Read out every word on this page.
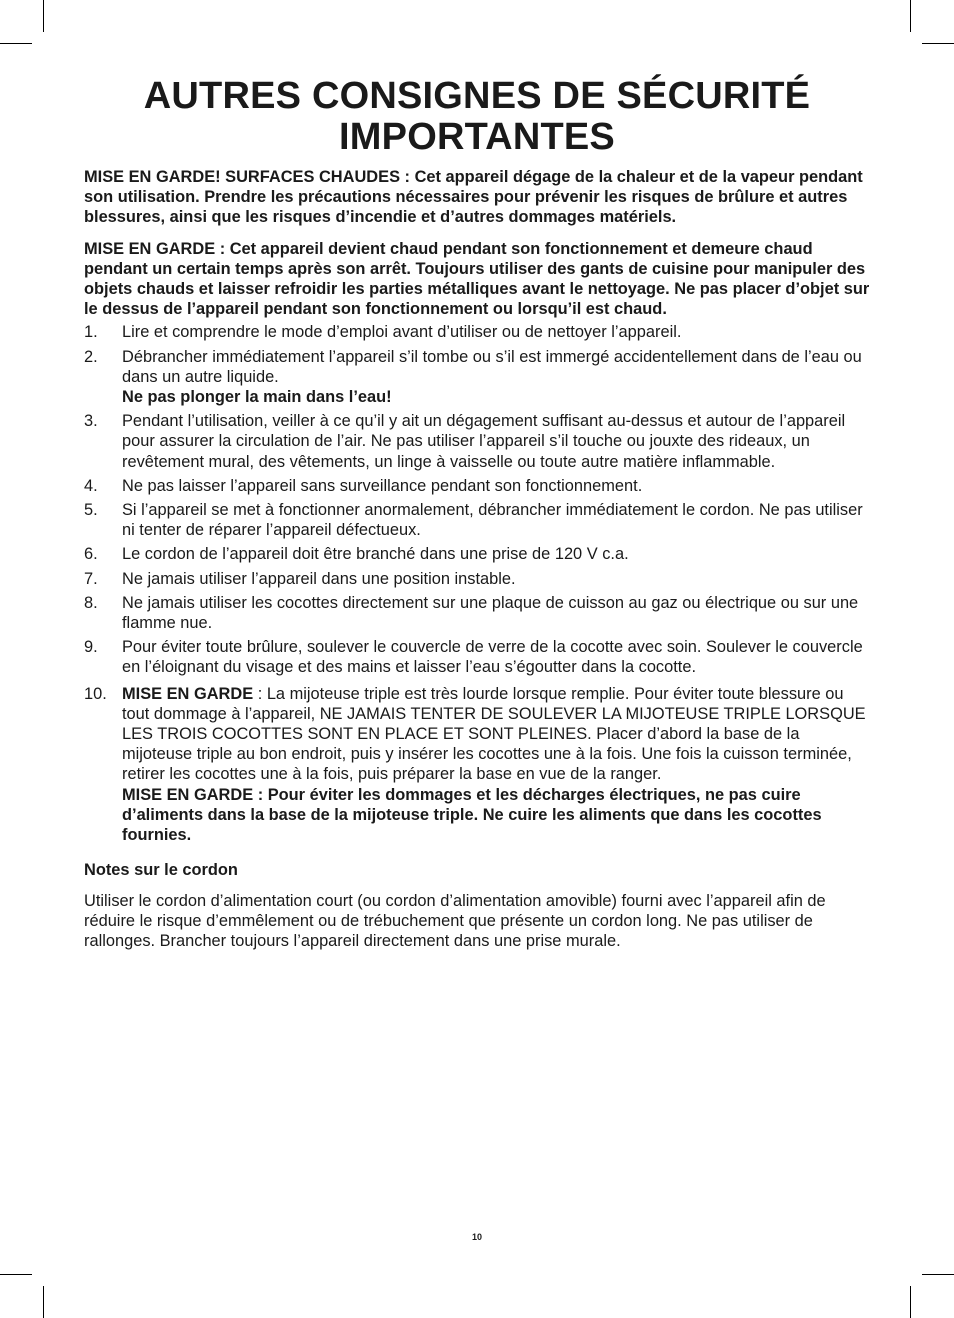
AUTRES CONSIGNES DE SÉCURITÉ
IMPORTANTES

MISE EN GARDE! SURFACES CHAUDES : Cet appareil dégage de la chaleur et de la vapeur pendant son utilisation. Prendre les précautions nécessaires pour prévenir les risques de brûlure et autres blessures, ainsi que les risques d’incendie et d’autres dommages matériels.

MISE EN GARDE : Cet appareil devient chaud pendant son fonctionnement et demeure chaud pendant un certain temps après son arrêt. Toujours utiliser des gants de cuisine pour manipuler des objets chauds et laisser refroidir les parties métalliques avant le nettoyage. Ne pas placer d’objet sur le dessus de l’appareil pendant son fonctionnement ou lorsqu’il est chaud.

1. Lire et comprendre le mode d’emploi avant d’utiliser ou de nettoyer l’appareil.
2. Débrancher immédiatement l’appareil s’il tombe ou s’il est immergé accidentellement dans de l’eau ou dans un autre liquide.
Ne pas plonger la main dans l’eau!
3. Pendant l’utilisation, veiller à ce qu’il y ait un dégagement suffisant au-dessus et autour de l’appareil pour assurer la circulation de l’air. Ne pas utiliser l’appareil s’il touche ou jouxte des rideaux, un revêtement mural, des vêtements, un linge à vaisselle ou toute autre matière inflammable.
4. Ne pas laisser l’appareil sans surveillance pendant son fonctionnement.
5. Si l’appareil se met à fonctionner anormalement, débrancher immédiatement le cordon. Ne pas utiliser ni tenter de réparer l’appareil défectueux.
6. Le cordon de l’appareil doit être branché dans une prise de 120 V c.a.
7. Ne jamais utiliser l’appareil dans une position instable.
8. Ne jamais utiliser les cocottes directement sur une plaque de cuisson au gaz ou électrique ou sur une flamme nue.
9. Pour éviter toute brûlure, soulever le couvercle de verre de la cocotte avec soin. Soulever le couvercle en l’éloignant du visage et des mains et laisser l’eau s’égoutter dans la cocotte.
10. MISE EN GARDE : La mijoteuse triple est très lourde lorsque remplie. Pour éviter toute blessure ou tout dommage à l’appareil, NE JAMAIS TENTER DE SOULEVER LA MIJOTEUSE TRIPLE LORSQUE LES TROIS COCOTTES SONT EN PLACE ET SONT PLEINES. Placer d’abord la base de la mijoteuse triple au bon endroit, puis y insérer les cocottes une à la fois. Une fois la cuisson terminée, retirer les cocottes une à la fois, puis préparer la base en vue de la ranger.
MISE EN GARDE : Pour éviter les dommages et les décharges électriques, ne pas cuire d’aliments dans la base de la mijoteuse triple. Ne cuire les aliments que dans les cocottes fournies.
Notes sur le cordon

Utiliser le cordon d’alimentation court (ou cordon d’alimentation amovible) fourni avec l’appareil afin de réduire le risque d’emmêlement ou de trébuchement que présente un cordon long. Ne pas utiliser de rallonges. Brancher toujours l’appareil directement dans une prise murale.

10
